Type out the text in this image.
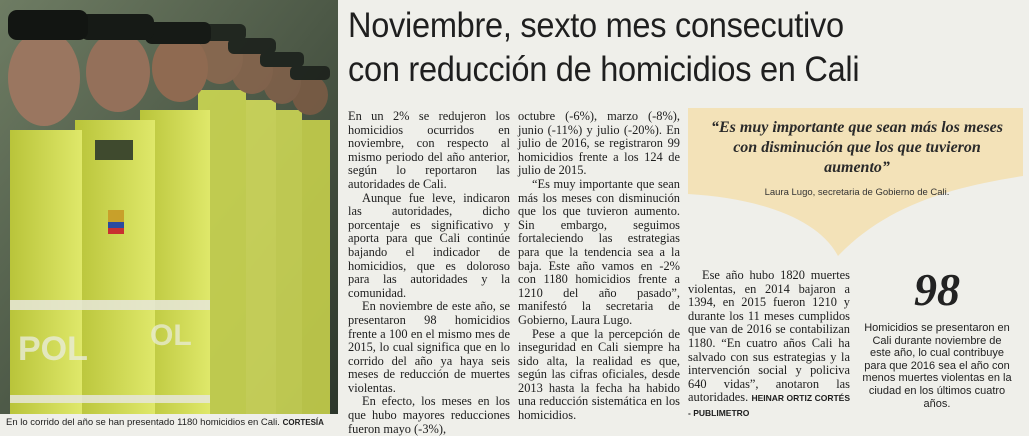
POL OL
En lo corrido del año se han presentado 1180 homicidios en Cali. CORTESÍA
Noviembre, sexto mes consecutivo
con reducción de homicidios en Cali

En un 2% se redujeron los homicidios ocurridos en noviembre, con respecto al mismo periodo del año anterior, según lo reportaron las autoridades de Cali.

Aunque fue leve, indicaron las autoridades, dicho porcentaje es significativo y aporta para que Cali continúe bajando el indicador de homicidios, que es doloroso para las autoridades y la comunidad.

En noviembre de este año, se presentaron 98 homicidios frente a 100 en el mismo mes de 2015, lo cual significa que en lo corrido del año ya haya seis meses de reducción de muertes violentas.

En efecto, los meses en los que hubo mayores reducciones fueron mayo (-3%),

octubre (-6%), marzo (-8%), junio (-11%) y julio (-20%). En julio de 2016, se registraron 99 homicidios frente a los 124 de julio de 2015.

“Es muy importante que sean más los meses con disminución que los que tuvieron aumento. Sin embargo, seguimos fortaleciendo las estrategias para que la tendencia sea a la baja. Este año vamos en -2% con 1180 homicidios frente a 1210 del año pasado”, manifestó la secretaria de Gobierno, Laura Lugo.

Pese a que la percepción de inseguridad en Cali siempre ha sido alta, la realidad es que, según las cifras oficiales, desde 2013 hasta la fecha ha habido una reducción sistemática en los homicidios.

“Es muy importante que sean más los meses con disminución que los que tuvieron aumento”
Laura Lugo, secretaria de Gobierno de Cali.

Ese año hubo 1820 muertes violentas, en 2014 bajaron a 1394, en 2015 fueron 1210 y durante los 11 meses cumplidos que van de 2016 se contabilizan 1180. “En cuatro años Cali ha salvado con sus estrategias y la intervención social y policiva 640 vidas”, anotaron las autoridades. HEINAR ORTIZ CORTÉS - PUBLIMETRO

98
Homicidios se presentaron en Cali durante noviembre de este año, lo cual contribuye para que 2016 sea el año con menos muertes violentas en la ciudad en los últimos cuatro años.
